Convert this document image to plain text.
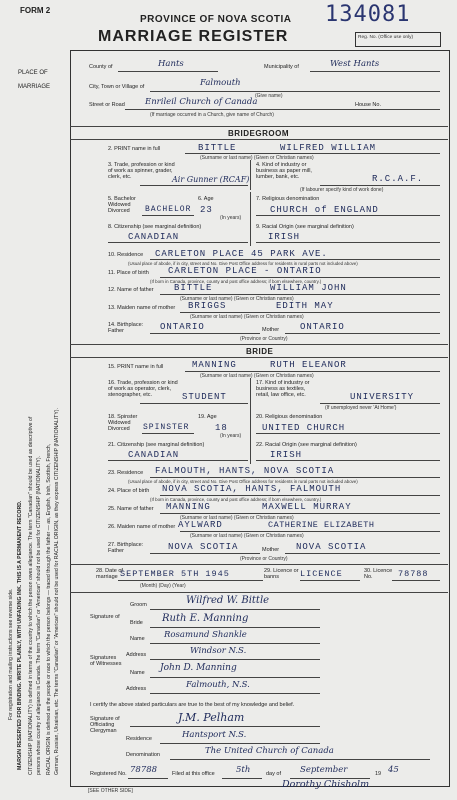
For registration and mailing instructions see reverse side. MARGIN RESERVED FOR BINDING. WRITE PLAINLY, WITH UNFADING INK. THIS IS A PERMANENT RECORD. CITIZENSHIP (NATIONALITY) is defined in terms of the country to which the person owes allegiance. The term "Canadian" should be used as descriptive of persons whose country of allegiance is Canada. The term "Canadian" or "American" should not be used for CITIZENSHIP (NATIONALITY). RACIAL ORIGIN is defined as the people or race to which the person belongs — traced through the father — as, English, Irish, Scottish, French, German, Russian, Ukrainian, etc. The terms "Canadian" or "American" should not be used for RACIAL ORIGIN, as they express CITIZENSHIP (NATIONALITY).
FORM 2
PROVINCE OF NOVA SCOTIA
MARRIAGE REGISTER
134081
Reg. No. (Office use only)
PLACE OF MARRIAGE
County of	Hants	Municipality of	West Hants
City, Town or Village of	Falmouth
(Give name)
Street or Road Enrileil Church of Canada	House No.
(If marriage occurred in a Church, give name of Church)
BRIDEGROOM
2. PRINT name in full	BITTLE	WILFRED WILLIAM
(Surname or last name) (Given or Christian names)
3. Trade, profession or kind of work as spinner, grader, clerk, etc.	Air Gunner (RCAF)
4. Kind of industry or business as paper mill, lumber, bank, etc.	R.C.A.F.
(If labourer specify kind of work done)
5. Bachelor Widowed Divorced	BACHELOR
6. Age
23
(In years)
7. Religious denomination
CHURCH of ENGLAND
8. Citizenship (see marginal definition)
CANADIAN
9. Racial Origin (see marginal definition)
IRISH
10. Residence CARLETON PLACE 45 PARK AVE.
(Usual place of abode, if in city, street and No. Give Post Office address for residents in rural parts not included above)
11. Place of birth CARLETON PLACE - ONTARIO
(If born in Canada, province, county and post office address; if born elsewhere, country.)
12. Name of father BITTLE	WILLIAM JOHN
(Surname or last name) (Given or Christian names)
13. Maiden name of mother BRIGGS	EDITH MAY
(Surname or last name) (Given or Christian names)
14. Birthplace: Father	ONTARIO	Mother ONTARIO
(Province or Country)
BRIDE
15. PRINT name in full	MANNING	RUTH ELEANOR
(Surname or last name) (Given or Christian names)
16. Trade, profession or kind of work as operator, clerk, stenographer, etc.	STUDENT
17. Kind of industry or business as textiles, retail, law office, etc.	UNIVERSITY
(If unemployed never 'At Home')
18. Spinster Widowed Divorced	SPINSTER
19. Age
18
(In years)
20. Religious denomination
UNITED CHURCH
21. Citizenship (see marginal definition)
CANADIAN
22. Racial Origin (see marginal definition)
IRISH
23. Residence FALMOUTH, HANTS, NOVA SCOTIA
(Usual place of abode, if in city, street and No. Give Post Office address for residents in rural parts not included above)
24. Place of birth NOVA SCOTIA, HANTS, FALMOUTH
(If born in Canada, province, county and post office address; if born elsewhere, country.)
25. Name of father MANNING	MAXWELL MURRAY
(Surname or last name) (Given or Christian names)
26. Maiden name of mother AYLWARD	CATHERINE ELIZABETH
(Surname or last name) (Given or Christian names)
27. Birthplace: Father	NOVA SCOTIA	Mother NOVA SCOTIA
(Province or Country)
28. Date of marriage SEPTEMBER 5TH 1945
(Month) (Day) (Year)
29. Licence or banns	LICENCE	30. Licence No.	78788
Signature of
Groom	Wilfred W. Bittle
Bride Ruth E. Manning
Signatures of Witnesses
Name Rosamund Shankle
Address	Windsor N.S.
Name John D. Manning
Address	Falmouth, N.S.
I certify the above stated particulars are true to the best of my knowledge and belief.
Signature of Officiating Clergyman
J.M. Pelham
Residence	Hantsport N.S.
Denomination	The United Church of Canada
Registered No. 78788	Filed at this office	5th	day of September	19 45
Dorothy Chisholm
[SEE OTHER SIDE]
